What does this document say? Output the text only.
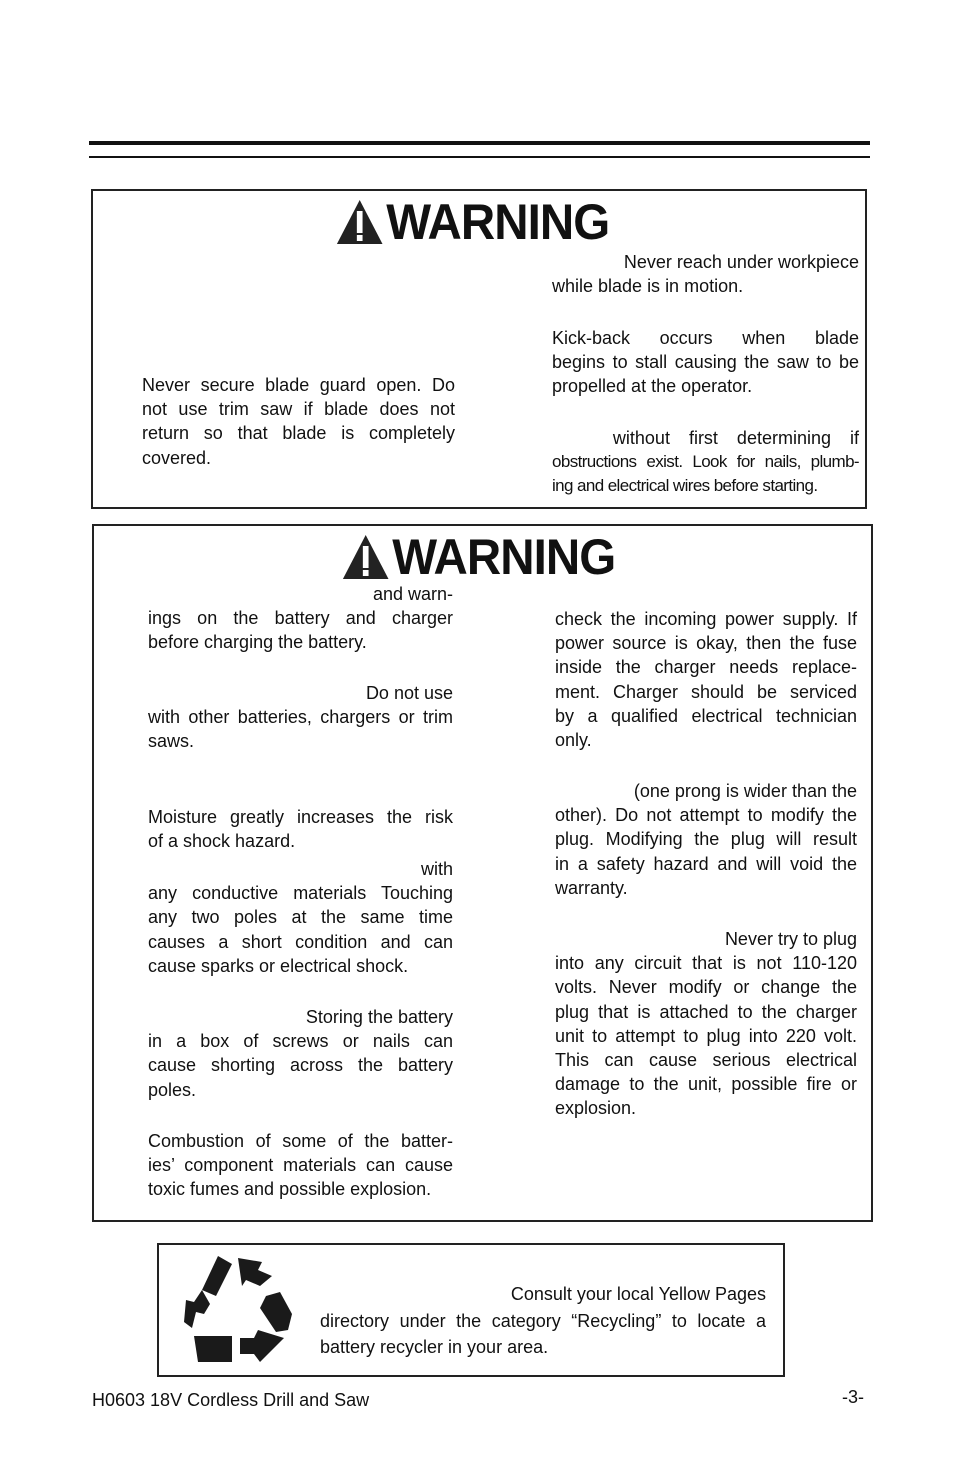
WARNING
Never secure blade guard open. Do
not use trim saw if blade does not
return so that blade is completely
covered.
Never reach under workpiece
while blade is in motion.
Kick-back occurs when blade
begins to stall causing the saw to be
propelled at the operator.
without first determining if
obstructions exist. Look for nails, plumb-
ing and electrical wires before starting.
WARNING
and warn-
ings on the battery and charger
before charging the battery.
Do not use
with other batteries, chargers or trim
saws.
Moisture greatly increases the risk
of a shock hazard.
with
any conductive materials Touching
any two poles at the same time
causes a short condition and can
cause sparks or electrical shock.
Storing the battery
in a box of screws or nails can
cause shorting across the battery
poles.
Combustion of some of the batter-
ies’ component materials can cause
toxic fumes and possible explosion.
check the incoming power supply. If
power source is okay, then the fuse
inside the charger needs replace-
ment. Charger should be serviced
by a qualified electrical technician
only.
(one prong is wider than the
other). Do not attempt to modify the
plug. Modifying the plug will result
in a safety hazard and will void the
warranty.
Never try to plug
into any circuit that is not 110-120
volts. Never modify or change the
plug that is attached to the charger
unit to attempt to plug into 220 volt.
This can cause serious electrical
damage to the unit, possible fire or
explosion.
Consult your local Yellow Pages
directory under the category “Recycling” to locate a
battery recycler in your area.
H0603 18V Cordless Drill and Saw	-3-
